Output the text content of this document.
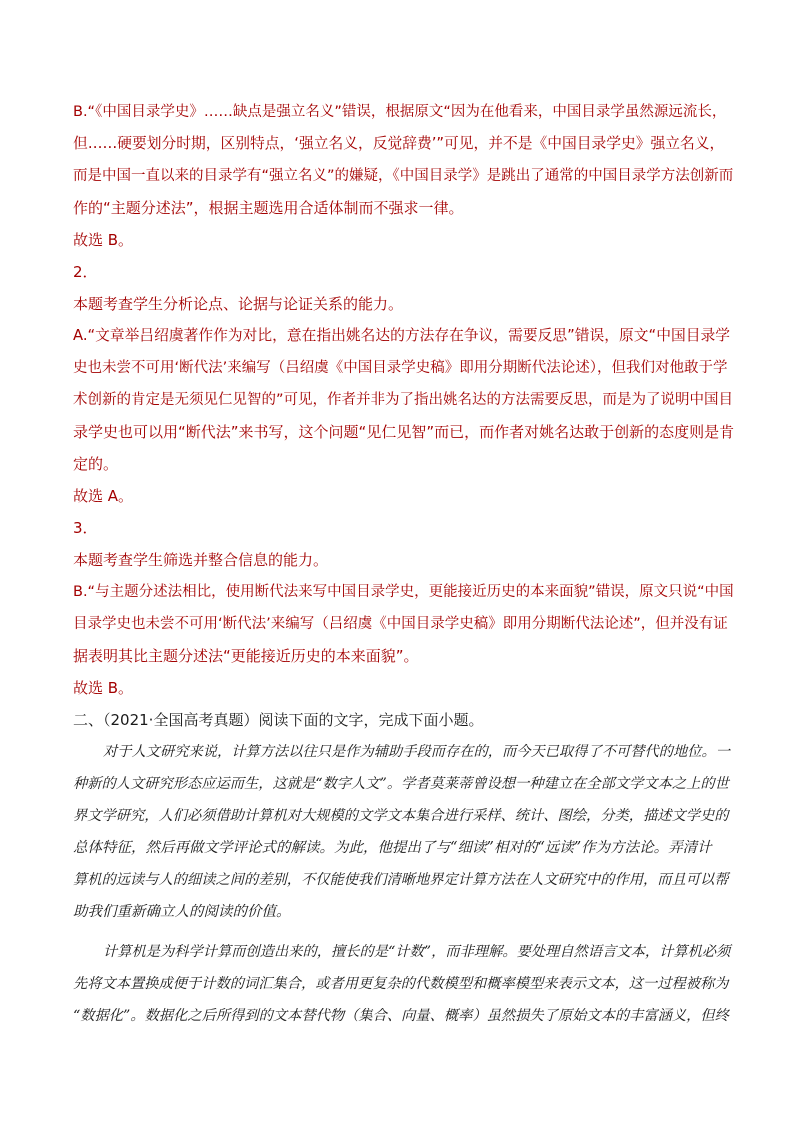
B.“《中国目录学史》……缺点是强立名义”错误，根据原文“因为在他看来，中国目录学虽然源远流长，
但……硬要划分时期，区别特点，‘强立名义，反觉辞费’”可见，并不是《中国目录学史》强立名义，
而是中国一直以来的目录学有“强立名义”的嫌疑，《中国目录学》是跳出了通常的中国目录学方法创新而
作的“主题分述法”，根据主题选用合适体制而不强求一律。
故选 B。
2．
本题考查学生分析论点、论据与论证关系的能力。
A.“文章举吕绍虞著作作为对比，意在指出姚名达的方法存在争议，需要反思”错误，原文“中国目录学
史也未尝不可用‘断代法’来编写（吕绍虞《中国目录学史稿》即用分期断代法论述），但我们对他敢于学
术创新的肯定是无须见仁见智的”可见，作者并非为了指出姚名达的方法需要反思，而是为了说明中国目
录学史也可以用“断代法”来书写，这个问题“见仁见智”而已，而作者对姚名达敢于创新的态度则是肯
定的。
故选 A。
3．
本题考查学生筛选并整合信息的能力。
B.“与主题分述法相比，使用断代法来写中国目录学史，更能接近历史的本来面貌”错误，原文只说“中国
目录学史也未尝不可用‘断代法’来编写（吕绍虞《中国目录学史稿》即用分期断代法论述”，但并没有证
据表明其比主题分述法“更能接近历史的本来面貌”。
故选 B。
二、（2021·全国高考真题）阅读下面的文字，完成下面小题。
对于人文研究来说，计算方法以往只是作为辅助手段而存在的，而今天已取得了不可替代的地位。一
种新的人文研究形态应运而生，这就是“数字人文”。学者莫莱蒂曾设想一种建立在全部文学文本之上的世
界文学研究，人们必须借助计算机对大规模的文学文本集合进行采样、统计、图绘，分类，描述文学史的
总体特征，然后再做文学评论式的解读。为此，他提出了与“细读”相对的“远读”作为方法论。弄清计
算机的远读与人的细读之间的差别，不仅能使我们清晰地界定计算方法在人文研究中的作用，而且可以帮
助我们重新确立人的阅读的价值。
计算机是为科学计算而创造出来的，擅长的是“计数”，而非理解。要处理自然语言文本，计算机必须
先将文本置换成便于计数的词汇集合，或者用更复杂的代数模型和概率模型来表示文本，这一过程被称为
“数据化”。数据化之后所得到的文本替代物（集合、向量、概率）虽然损失了原始文本的丰富涵义，但终
